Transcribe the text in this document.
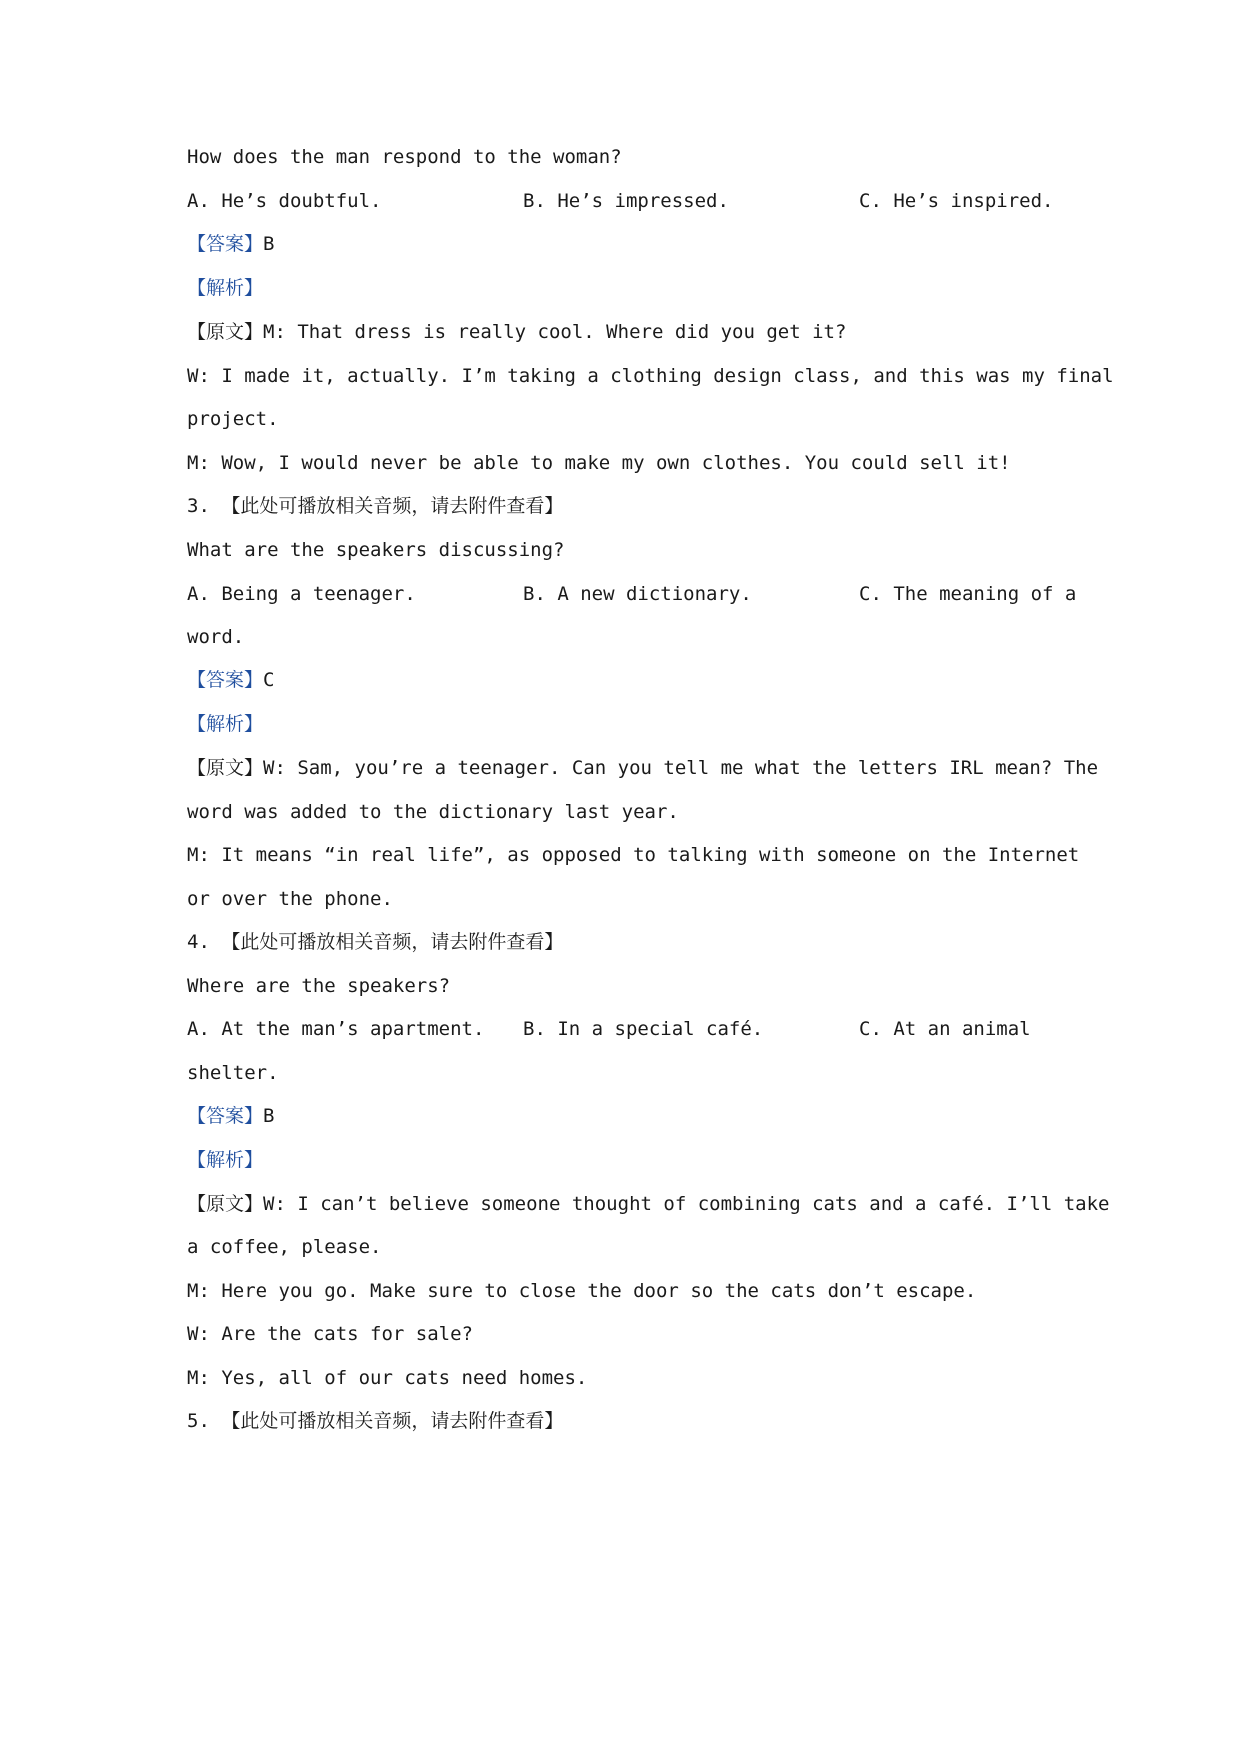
How does the man respond to the woman?

A. He’s doubtful.

	B. He’s impressed.

	C. He’s inspired.

【答案】B
【解析】
【原文】M: That dress is really cool. Where did you get it?
W: I made it, actually. I’m taking a clothing design class, and this was my final
project.
M: Wow, I would never be able to make my own clothes. You could sell it!
3. 【此处可播放相关音频，请去附件查看】
What are the speakers discussing?

A. Being a teenager.

	B. A new dictionary.

	C. The meaning of a

word.
【答案】C
【解析】
【原文】W: Sam, you’re a teenager. Can you tell me what the letters IRL mean? The
word was added to the dictionary last year.
M: It means “in real life”, as opposed to talking with someone on the Internet
or over the phone.
4. 【此处可播放相关音频，请去附件查看】
Where are the speakers?

A. At the man’s apartment.

B. In a special café.

	C. At an animal

shelter.
【答案】B
【解析】
【原文】W: I can’t believe someone thought of combining cats and a café. I’ll take
a coffee, please.
M: Here you go. Make sure to close the door so the cats don’t escape.
W: Are the cats for sale?
M: Yes, all of our cats need homes.
5. 【此处可播放相关音频，请去附件查看】
